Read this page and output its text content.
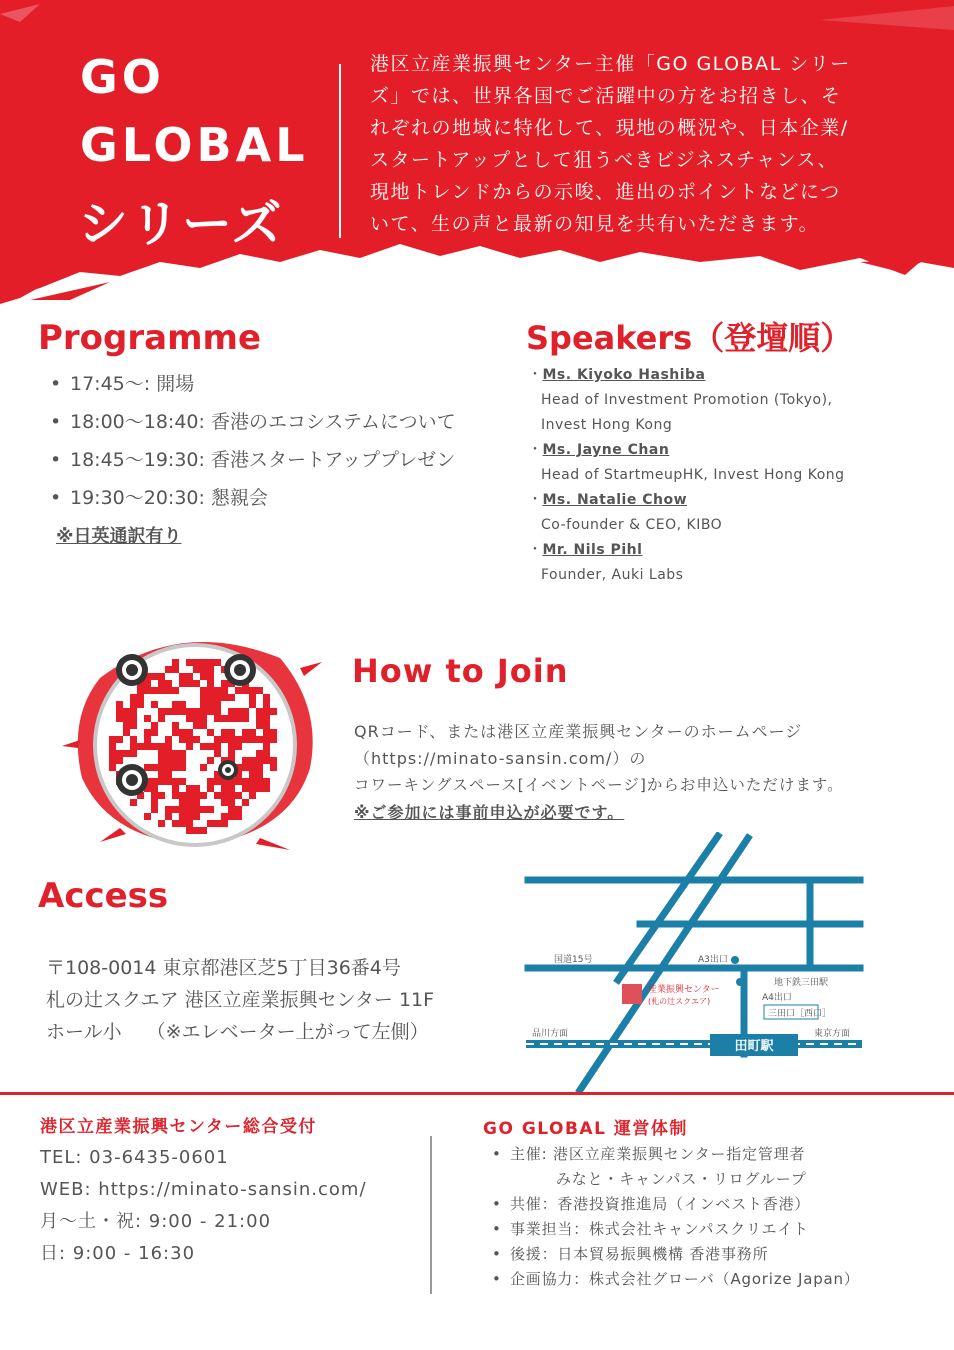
GO
GLOBAL
シリーズ
港区立産業振興センター主催「GO GLOBAL シリー
ズ」では、世界各国でご活躍中の方をお招きし、そ
れぞれの地域に特化して、現地の概況や、日本企業/
スタートアップとして狙うべきビジネスチャンス、
現地トレンドからの示唆、進出のポイントなどにつ
いて、生の声と最新の知見を共有いただきます。
Programme
• 17:45～: 開場
• 18:00～18:40: 香港のエコシステムについて
• 18:45～19:30: 香港スタートアッププレゼン
• 19:30～20:30: 懇親会
※日英通訳有り
Speakers（登壇順）
・Ms. Kiyoko Hashiba
Head of Investment Promotion (Tokyo),
Invest Hong Kong
・Ms. Jayne Chan
Head of StartmeupHK, Invest Hong Kong
・Ms. Natalie Chow
Co-founder & CEO, KIBO
・Mr. Nils Pihl
Founder, Auki Labs
How to Join
QRコード、または港区立産業振興センターのホームページ
（https://minato-sansin.com/）の
コワーキングスペース[イベントページ]からお申込いただけます。
※ご参加には事前申込が必要です。
Access
〒108-0014 東京都港区芝5丁目36番4号
札の辻スクエア 港区立産業振興センター 11F
ホール小　 （※エレベーター上がって左側）
田町駅
国道15号	A3出口
産業振興センター
(札の辻スクエア)
地下鉄三田駅
A4出口
三田口［西口］
品川方面	東京方面
港区立産業振興センター総合受付
TEL: 03-6435-0601
WEB: https://minato-sansin.com/
月～土・祝: 9:00 - 21:00
日: 9:00 - 16:30
GO GLOBAL 運営体制
• 主催: 港区立産業振興センター指定管理者
みなと・キャンパス・リログループ
• 共催：香港投資推進局（インベスト香港）
• 事業担当：株式会社キャンパスクリエイト
• 後援：日本貿易振興機構 香港事務所
• 企画協力：株式会社グローバ（Agorize Japan）
